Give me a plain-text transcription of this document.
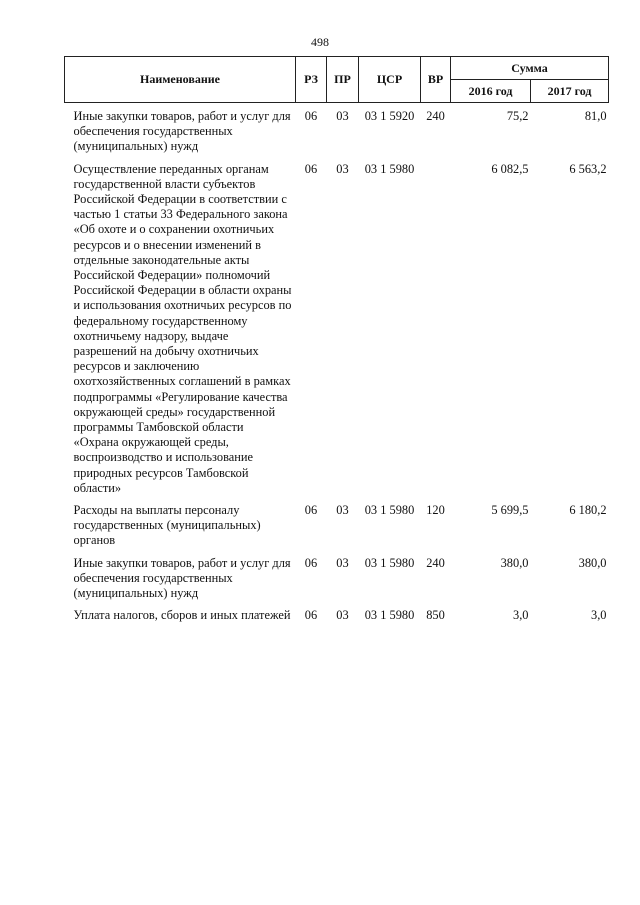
498
Наименование	РЗ	ПР	ЦСР	ВР	Сумма	
					2016 год	2017 год
Иные закупки товаров, работ и услуг для обеспечения государственных (муниципальных) нужд	06	03	03 1 5920	240	75,2	81,0
Осуществление переданных органам государственной власти субъектов Российской Федерации в соответствии с частью 1 статьи 33 Федерального закона «Об охоте и о сохранении охотничьих ресурсов и о внесении изменений в отдельные законодательные акты Российской Федерации» полномочий Российской Федерации в области охраны и использования охотничьих ресурсов по федеральному государственному охотничьему надзору, выдаче разрешений на добычу охотничьих ресурсов и заключению охотхозяйственных соглашений в рамках подпрограммы «Регулирование качества окружающей среды» государственной программы Тамбовской области «Охрана окружающей среды, воспроизводство и использование природных ресурсов Тамбовской области»	06	03	03 1 5980		6 082,5	6 563,2
Расходы на выплаты персоналу государственных (муниципальных) органов	06	03	03 1 5980	120	5 699,5	6 180,2
Иные закупки товаров, работ и услуг для обеспечения государственных (муниципальных) нужд	06	03	03 1 5980	240	380,0	380,0
Уплата налогов, сборов и иных платежей	06	03	03 1 5980	850	3,0	3,0
